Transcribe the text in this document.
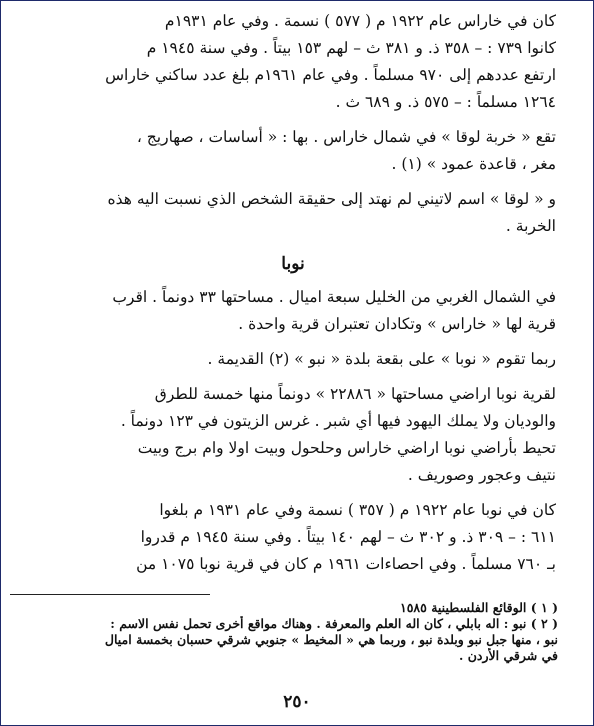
كان في خاراس عام ١٩٢٢ م ( ٥٧٧ ) نسمة . وفي عام ١٩٣١م
كانوا ٧٣٩ : – ٣٥٨ ذ. و ٣٨١ ث – لهم ١٥٣ بيتاً . وفي سنة ١٩٤٥ م
ارتفع عددهم إلى ٩٧٠ مسلماً . وفي عام ١٩٦١م بلغ عدد ساكني خاراس
١٢٦٤ مسلماً : – ٥٧٥ ذ. و ٦٨٩ ث .
تقع « خربة لوقا » في شمال خاراس . بها : « أساسات ، صهاريج ،
مغر ، قاعدة عمود » (١) .
و « لوقا » اسم لاتيني لم نهتد إلى حقيقة الشخص الذي نسبت اليه هذه
الخربة .
نوبا
في الشمال الغربي من الخليل سبعة اميال . مساحتها ٣٣ دونماً . اقرب
قرية لها « خاراس » وتكادان تعتبران قرية واحدة .
ربما تقوم « نوبا » على بقعة بلدة « نبو » (٢) القديمة .
لقرية نوبا اراضي مساحتها « ٢٢٨٨٦ » دونماً منها خمسة للطرق
والوديان ولا يملك اليهود فيها أي شبر . غرس الزيتون في ١٢٣ دونماً .
تحيط بأراضي نوبا اراضي خاراس وحلحول وبيت اولا وام برج وبيت
نتيف وعجور وصوريف .
كان في نوبا عام ١٩٢٢ م ( ٣٥٧ ) نسمة وفي عام ١٩٣١ م بلغوا
٦١١ : – ٣٠٩ ذ. و ٣٠٢ ث – لهم ١٤٠ بيتاً . وفي سنة ١٩٤٥ م قدروا
بـ ٧٦٠ مسلماً . وفي احصاءات ١٩٦١ م كان في قرية نوبا ١٠٧٥ من
( ١ ) الوقائع الفلسطينية ١٥٨٥
( ٢ ) نبو : اله بابلي ، كان اله العلم والمعرفة . وهناك مواقع أخرى تحمل نفس الاسم :
نبو ، منها جبل نبو وبلدة نبو ، وربما هي « المخيط » جنوبي شرقي حسبان بخمسة اميال
في شرقي الأردن .
٢٥٠
